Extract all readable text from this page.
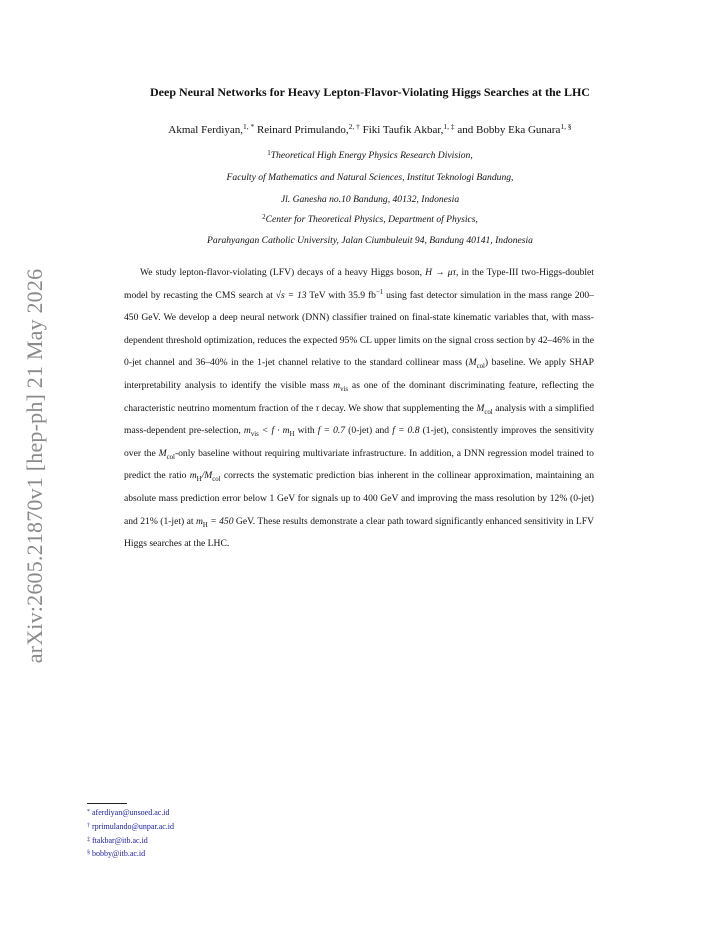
arXiv:2605.21870v1 [hep-ph] 21 May 2026
Deep Neural Networks for Heavy Lepton-Flavor-Violating Higgs Searches at the LHC
Akmal Ferdiyan,$^{1, *}$ Reinard Primulando,$^{2, \dagger}$ Fiki Taufik Akbar,$^{1, \ddagger}$ and Bobby Eka Gunara$^{1, \S}$
$^1$Theoretical High Energy Physics Research Division,
Faculty of Mathematics and Natural Sciences, Institut Teknologi Bandung,
Jl. Ganesha no.10 Bandung, 40132, Indonesia
$^2$Center for Theoretical Physics, Department of Physics,
Parahyangan Catholic University, Jalan Ciumbuleuit 94, Bandung 40141, Indonesia

We study lepton-flavor-violating (LFV) decays of a heavy Higgs boson, H → μτ, in the Type-III two-Higgs-doublet model by recasting the CMS search at √s = 13 TeV with 35.9 $fb^{-1}$ using fast detector simulation in the mass range 200–450 GeV. We develop a deep neural network (DNN) classifier trained on final-state kinematic variables that, with mass-dependent threshold optimization, reduces the expected 95% CL upper limits on the signal cross section by 42–46% in the 0-jet channel and 36–40% in the 1-jet channel relative to the standard collinear mass $(M_{col})$ baseline. We apply SHAP interpretability analysis to identify the visible mass $m_{vis}$ as one of the dominant discriminating feature, reflecting the characteristic neutrino momentum fraction of the τ decay. We show that supplementing the $M_{col}$ analysis with a simplified mass-dependent pre-selection, $m_{vis} < f \cdot m_H$ with f = 0.7 (0-jet) and f = 0.8 (1-jet), consistently improves the sensitivity over the $M_{col}$-only baseline without requiring multivariate infrastructure. In addition, a DNN regression model trained to predict the ratio $m_H/M_{col}$ corrects the systematic prediction bias inherent in the collinear approximation, maintaining an absolute mass prediction error below 1 GeV for signals up to 400 GeV and improving the mass resolution by 12% (0-jet) and 21% (1-jet) at $m_H = 450$ GeV. These results demonstrate a clear path toward significantly enhanced sensitivity in LFV Higgs searches at the LHC.

* aferdiyan@unsoed.ac.id
† rprimulando@unpar.ac.id
‡ ftakbar@itb.ac.id
§ bobby@itb.ac.id
